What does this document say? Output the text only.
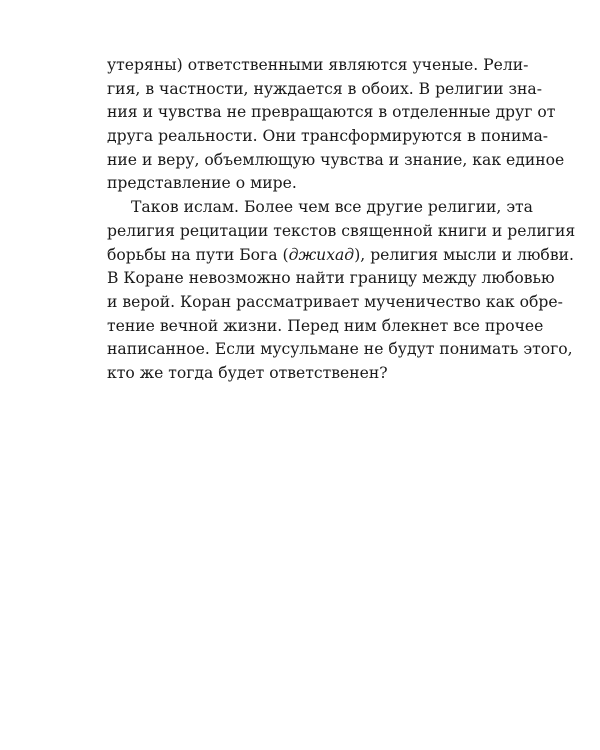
утеряны) ответственными являются ученые. Рели-
гия, в частности, нуждается в обоих. В религии зна-
ния и чувства не превращаются в отделенные друг от
друга реальности. Они трансформируются в понима-
ние и веру, объемлющую чувства и знание, как единое
представление о мире.
Таков ислам. Более чем все другие религии, эта
религия рецитации текстов священной книги и религия
борьбы на пути Бога (джихад), религия мысли и любви.
В Коране невозможно найти границу между любовью
и верой. Коран рассматривает мученичество как обре-
тение вечной жизни. Перед ним блекнет все прочее
написанное. Если мусульмане не будут понимать этого,
кто же тогда будет ответственен?
